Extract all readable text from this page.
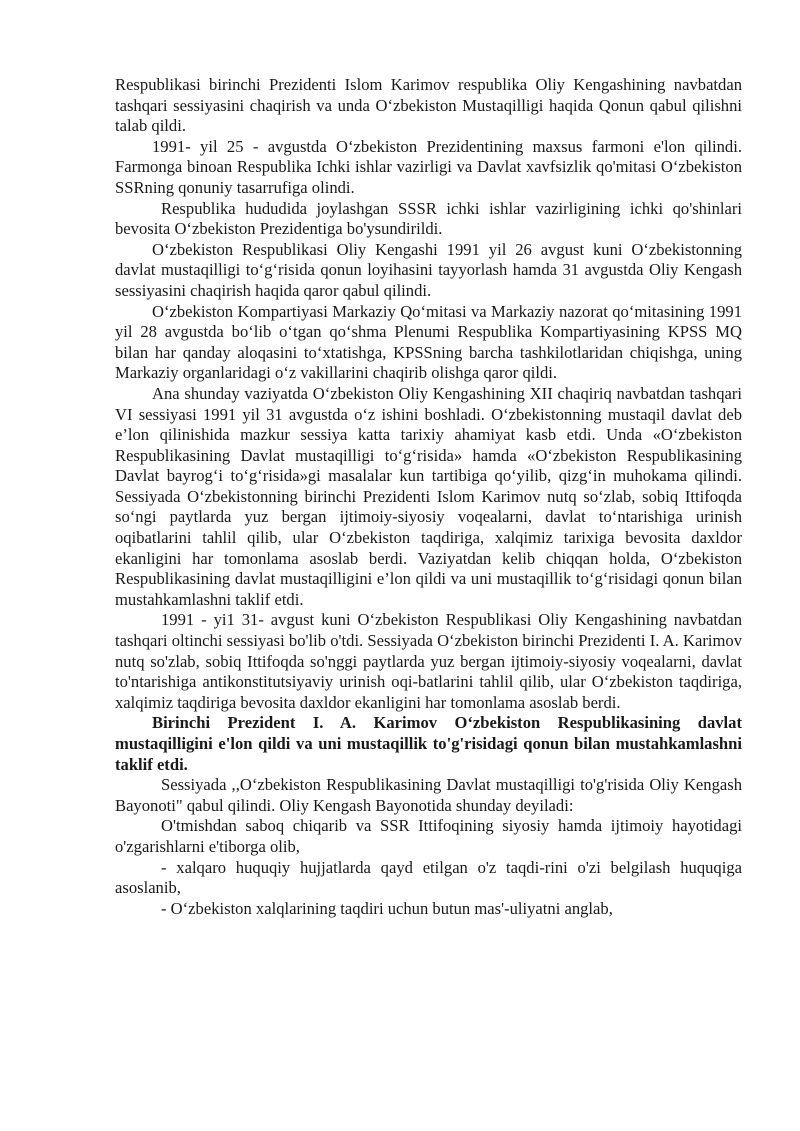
Respublikasi birinchi Prezidenti Islom Karimov respublika Oliy Kengashining navbatdan tashqari sessiyasini chaqirish va unda O‘zbekiston Mustaqilligi haqida Qonun qabul qilishni talab qildi.

1991- yil 25 - avgustda O‘zbekiston Prezidentining maxsus farmoni e'lon qilindi. Farmonga binoan Respublika Ichki ishlar vazirligi va Davlat xavfsizlik qo'mitasi O‘zbekiston SSRning qonuniy tasarrufiga olindi.

Respublika hududida joylashgan SSSR ichki ishlar vazirligining ichki qo'shinlari bevosita O‘zbekiston Prezidentiga bo'ysundirildi.

O‘zbekiston Respublikasi Oliy Kengashi 1991 yil 26 avgust kuni O‘zbekistonning davlat mustaqilligi to‘g‘risida qonun loyihasini tayyorlash hamda 31 avgustda Oliy Kengash sessiyasini chaqirish haqida qaror qabul qilindi.

O‘zbekiston Kompartiyasi Markaziy Qo‘mitasi va Markaziy nazorat qo‘mitasining 1991 yil 28 avgustda bo‘lib o‘tgan qo‘shma Plenumi Respublika Kompartiyasining KPSS MQ bilan har qanday aloqasini to‘xtatishga, KPSSning barcha tashkilotlaridan chiqishga, uning Markaziy organlaridagi o‘z vakillarini chaqirib olishga qaror qildi.

Ana shunday vaziyatda O‘zbekiston Oliy Kengashining XII chaqiriq navbatdan tashqari VI sessiyasi 1991 yil 31 avgustda o‘z ishini boshladi. O‘zbekistonning mustaqil davlat deb e’lon qilinishida mazkur sessiya katta tarixiy ahamiyat kasb etdi. Unda «O‘zbekiston Respublikasining Davlat mustaqilligi to‘g‘risida» hamda «O‘zbekiston Respublikasining Davlat bayrog‘i to‘g‘risida»gi masalalar kun tartibiga qo‘yilib, qizg‘in muhokama qilindi. Sessiyada O‘zbekistonning birinchi Prezidenti Islom Karimov nutq so‘zlab, sobiq Ittifoqda so‘ngi paytlarda yuz bergan ijtimoiy-siyosiy voqealarni, davlat to‘ntarishiga urinish oqibatlarini tahlil qilib, ular O‘zbekiston taqdiriga, xalqimiz tarixiga bevosita daxldor ekanligini har tomonlama asoslab berdi. Vaziyatdan kelib chiqqan holda, O‘zbekiston Respublikasining davlat mustaqilligini e’lon qildi va uni mustaqillik to‘g‘risidagi qonun bilan mustahkamlashni taklif etdi.

1991 - yi1 31- avgust kuni O‘zbekiston Respublikasi Oliy Kengashining navbatdan tashqari oltinchi sessiyasi bo'lib o'tdi. Sessiyada O‘zbekiston birinchi Prezidenti I. A. Karimov nutq so'zlab, sobiq Ittifoqda so'nggi paytlarda yuz bergan ijtimoiy-siyosiy voqealarni, davlat to'ntarishiga antikonstitutsiyaviy urinish oqi-batlarini tahlil qilib, ular O‘zbekiston taqdiriga, xalqimiz taqdiriga bevosita daxldor ekanligini har tomonlama asoslab berdi.

Birinchi Prezident I. A. Karimov O‘zbekiston Respublikasining davlat mustaqilligini e'lon qildi va uni mustaqillik to'g'risidagi qonun bilan mustahkamlashni taklif etdi.

Sessiyada ,,O‘zbekiston Respublikasining Davlat mustaqilligi to'g'risida Oliy Kengash Bayonoti" qabul qilindi. Oliy Kengash Bayonotida shunday deyiladi:

O'tmishdan saboq chiqarib va SSR Ittifoqining siyosiy hamda ijtimoiy hayotidagi o'zgarishlarni e'tiborga olib,

- xalqaro huquqiy hujjatlarda qayd etilgan o'z taqdi-rini o'zi belgilash huquqiga asoslanib,

- O‘zbekiston xalqlarining taqdiri uchun butun mas'-uliyatni anglab,
